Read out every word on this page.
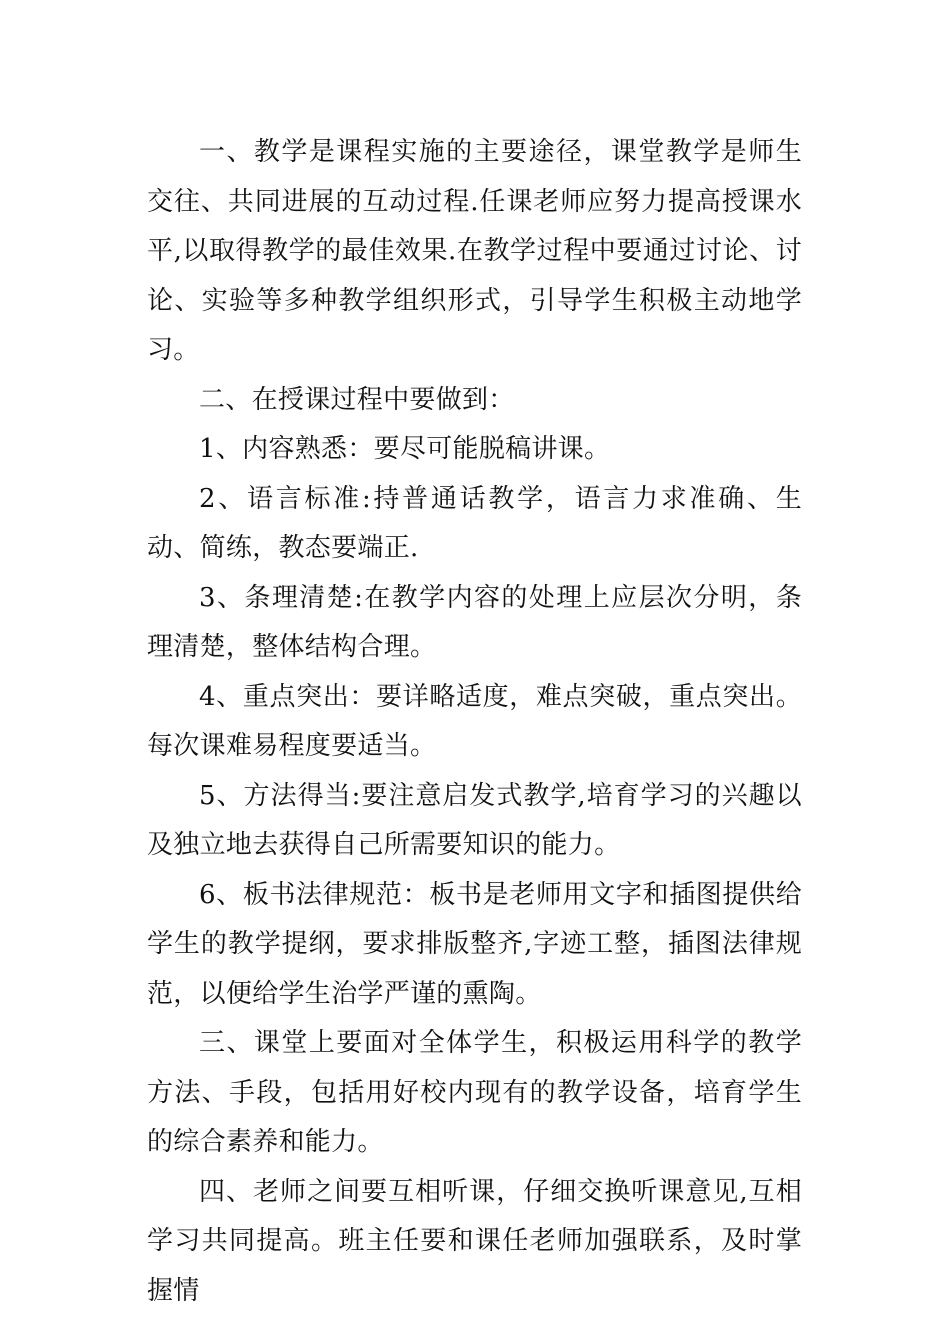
一、教学是课程实施的主要途径，课堂教学是师生交往、共同进展的互动过程.任课老师应努力提高授课水平,以取得教学的最佳效果.在教学过程中要通过讨论、讨论、实验等多种教学组织形式，引导学生积极主动地学习。

二、在授课过程中要做到：

1、内容熟悉：要尽可能脱稿讲课。

2、语言标准:持普通话教学，语言力求准确、生动、简练，教态要端正.

3、条理清楚:在教学内容的处理上应层次分明，条理清楚，整体结构合理。

4、重点突出：要详略适度，难点突破，重点突出。每次课难易程度要适当。

5、方法得当:要注意启发式教学,培育学习的兴趣以及独立地去获得自己所需要知识的能力。

6、板书法律规范：板书是老师用文字和插图提供给学生的教学提纲，要求排版整齐,字迹工整，插图法律规范，以便给学生治学严谨的熏陶。

三、课堂上要面对全体学生，积极运用科学的教学方法、手段，包括用好校内现有的教学设备，培育学生的综合素养和能力。

四、老师之间要互相听课，仔细交换听课意见,互相学习共同提高。班主任要和课任老师加强联系，及时掌握情
